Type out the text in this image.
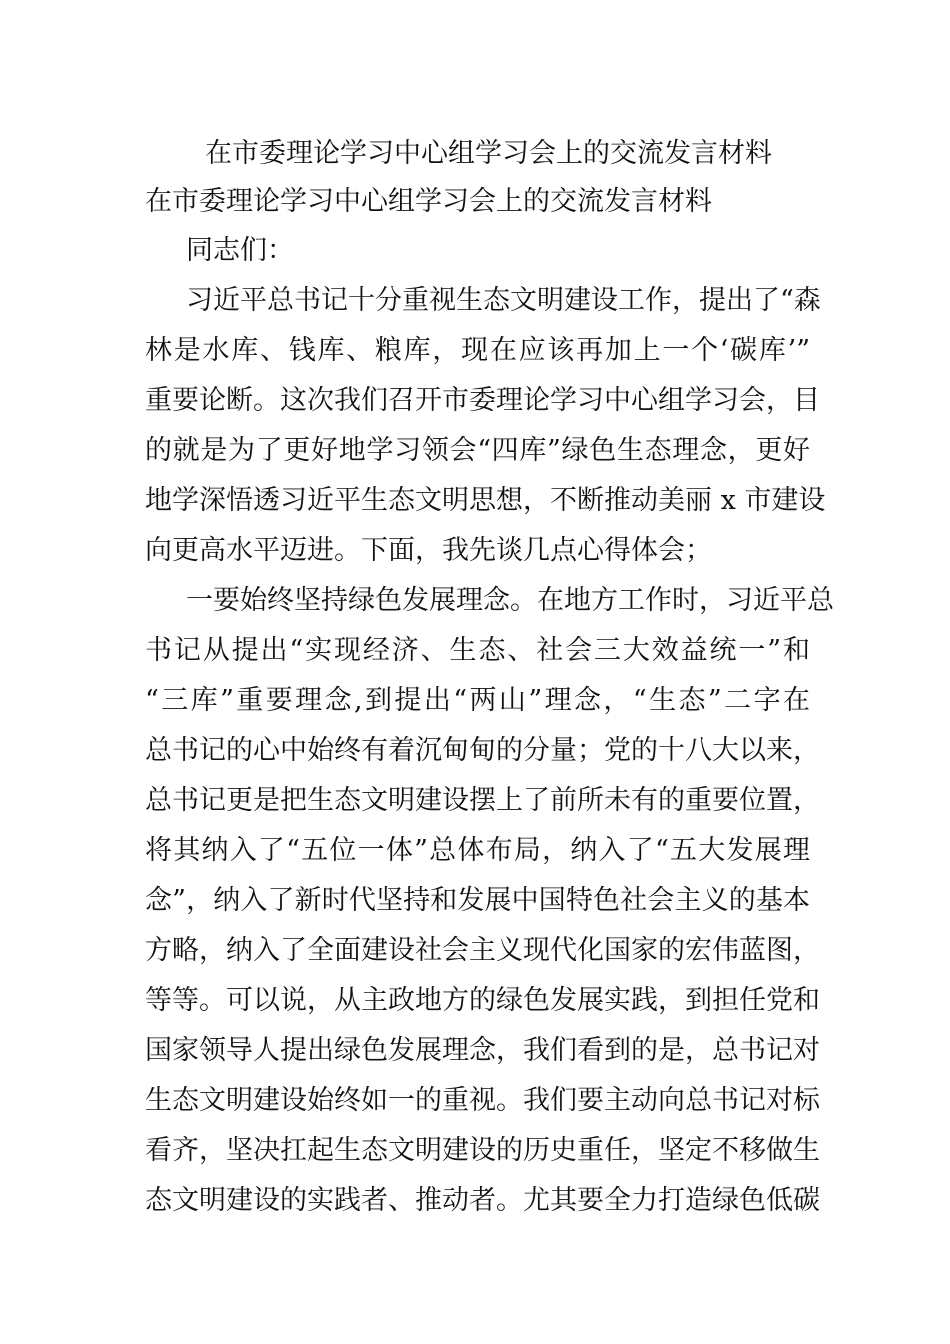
在市委理论学习中心组学习会上的交流发言材料
在市委理论学习中心组学习会上的交流发言材料
同志们：
习近平总书记十分重视生态文明建设工作，提出了“森
林是水库、钱库、粮库，现在应该再加上一个‘碳库’”
重要论断。这次我们召开市委理论学习中心组学习会，目
的就是为了更好地学习领会“四库”绿色生态理念，更好
地学深悟透习近平生态文明思想，不断推动美丽 x 市建设
向更高水平迈进。下面，我先谈几点心得体会；
一要始终坚持绿色发展理念。在地方工作时，习近平总
书记从提出“实现经济、生态、社会三大效益统一”和
“三库”重要理念,到提出“两山”理念，“生态”二字在
总书记的心中始终有着沉甸甸的分量；党的十八大以来，
总书记更是把生态文明建设摆上了前所未有的重要位置，
将其纳入了“五位一体”总体布局，纳入了“五大发展理
念”，纳入了新时代坚持和发展中国特色社会主义的基本
方略，纳入了全面建设社会主义现代化国家的宏伟蓝图，
等等。可以说，从主政地方的绿色发展实践，到担任党和
国家领导人提出绿色发展理念，我们看到的是，总书记对
生态文明建设始终如一的重视。我们要主动向总书记对标
看齐，坚决扛起生态文明建设的历史重任，坚定不移做生
态文明建设的实践者、推动者。尤其要全力打造绿色低碳
